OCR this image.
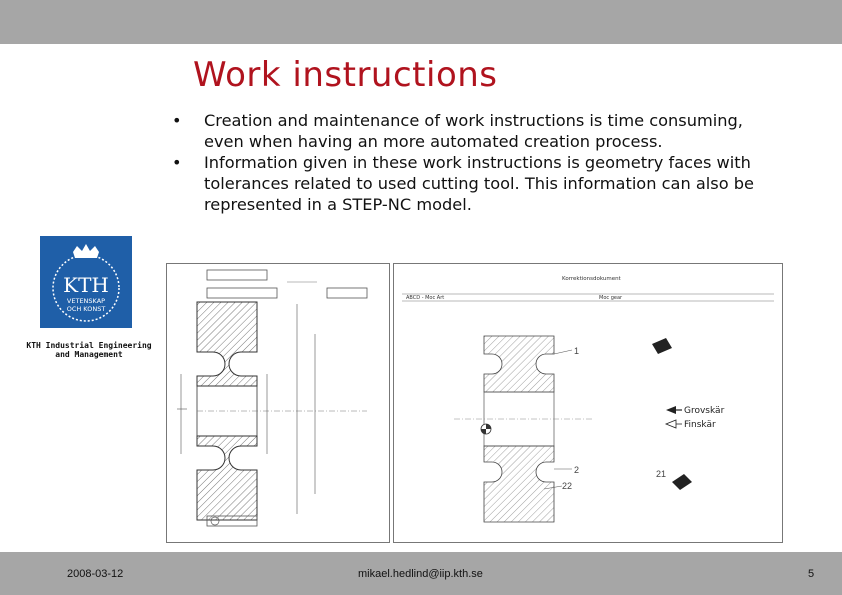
Work instructions
• Creation and maintenance of work instructions is time consuming, even when having an more automated creation process.
• Information given in these work instructions is geometry faces with tolerances related to used cutting tool. This information can also be represented in a STEP-NC model.
KTH
VETENSKAP
OCH KONST
KTH Industrial Engineering
and Management
Korrektionsdokument
ABCD - Moc Art	Moc gear
1
2	21
22
Grovskär
Finskär
2008-03-12	mikael.hedlind@iip.kth.se	5
